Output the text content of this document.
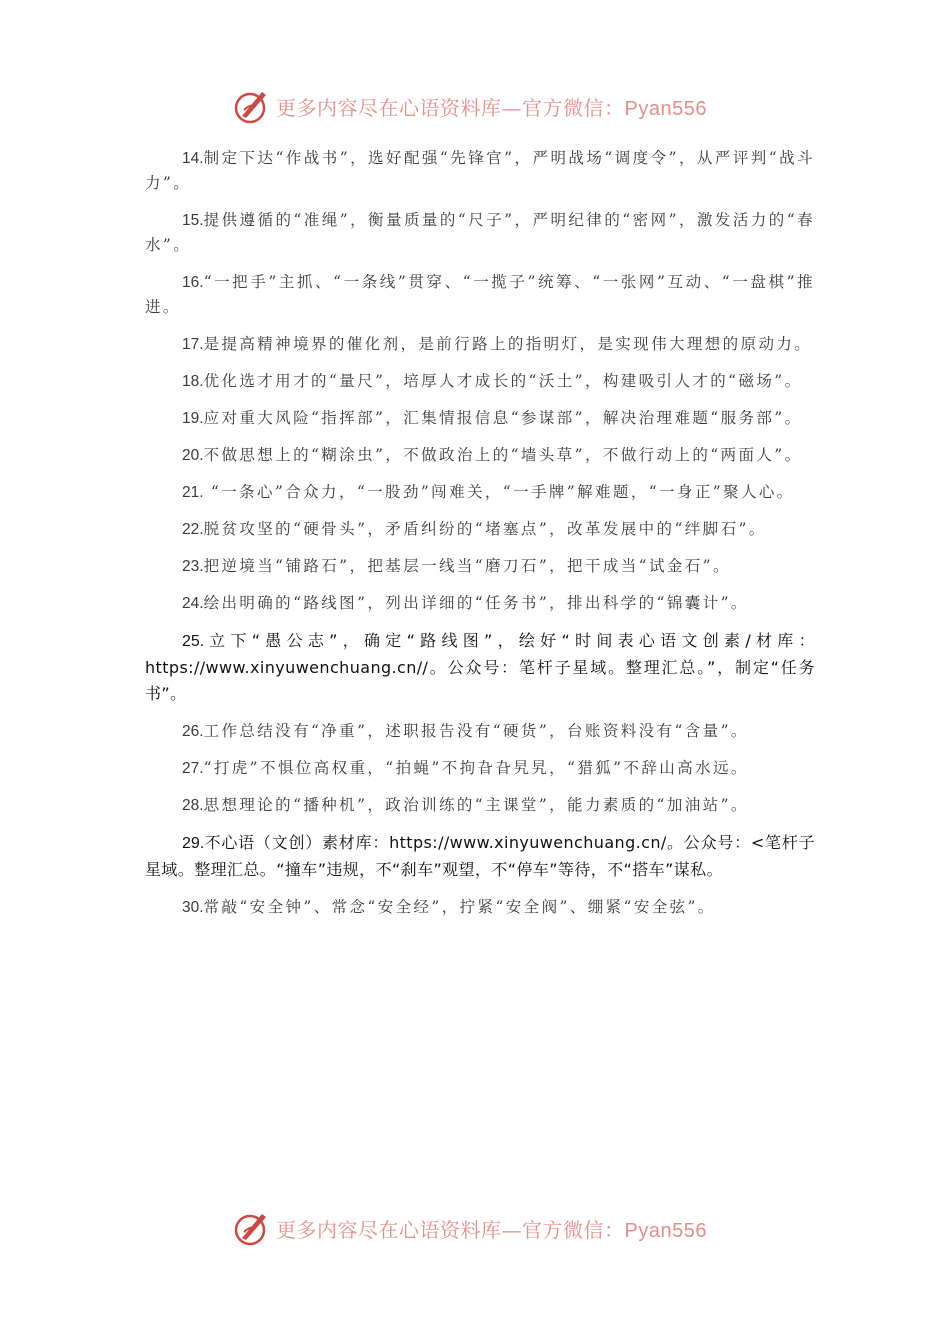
更多内容尽在心语资料库—官方微信：Pyan556

14.制定下达“作战书”，选好配强“先锋官”，严明战场“调度令”，从严评判“战斗力”。

15.提供遵循的“准绳”，衡量质量的“尺子”，严明纪律的“密网”，激发活力的“春水”。

16.“一把手”主抓、“一条线”贯穿、“一揽子”统筹、“一张网”互动、“一盘棋”推进。

17.是提高精神境界的催化剂，是前行路上的指明灯，是实现伟大理想的原动力。

18.优化选才用才的“量尺”，培厚人才成长的“沃土”，构建吸引人才的“磁场”。

19.应对重大风险“指挥部”，汇集情报信息“参谋部”，解决治理难题“服务部”。

20.不做思想上的“糊涂虫”，不做政治上的“墙头草”，不做行动上的“两面人”。

21. “一条心”合众力，“一股劲”闯难关，“一手牌”解难题，“一身正”聚人心。

22.脱贫攻坚的“硬骨头”，矛盾纠纷的“堵塞点”，改革发展中的“绊脚石”。

23.把逆境当“铺路石”，把基层一线当“磨刀石”，把干成当“试金石”。

24.绘出明确的“路线图”，列出详细的“任务书”，排出科学的“锦囊计”。

25.立下“愚公志”，确定“路线图”，绘好“时间表心语文创素/材库：https://www.xinyuwenchuang.cn//。公众号：笔杆子星域。整理汇总。”，制定“任务书”。

26.工作总结没有“净重”，述职报告没有“硬货”，台账资料没有“含量”。

27.“打虎”不惧位高权重，“拍蝇”不拘旮旮旯旯，“猎狐”不辞山高水远。

28.思想理论的“播种机”，政治训练的“主课堂”，能力素质的“加油站”。

29.不心语（文创）素材库：https://www.xinyuwenchuang.cn/。公众号：<笔杆子星域。整理汇总。“撞车”违规，不“刹车”观望，不“停车”等待，不“搭车”谋私。

30.常敲“安全钟”、常念“安全经”，拧紧“安全阀”、绷紧“安全弦”。

更多内容尽在心语资料库—官方微信：Pyan556
